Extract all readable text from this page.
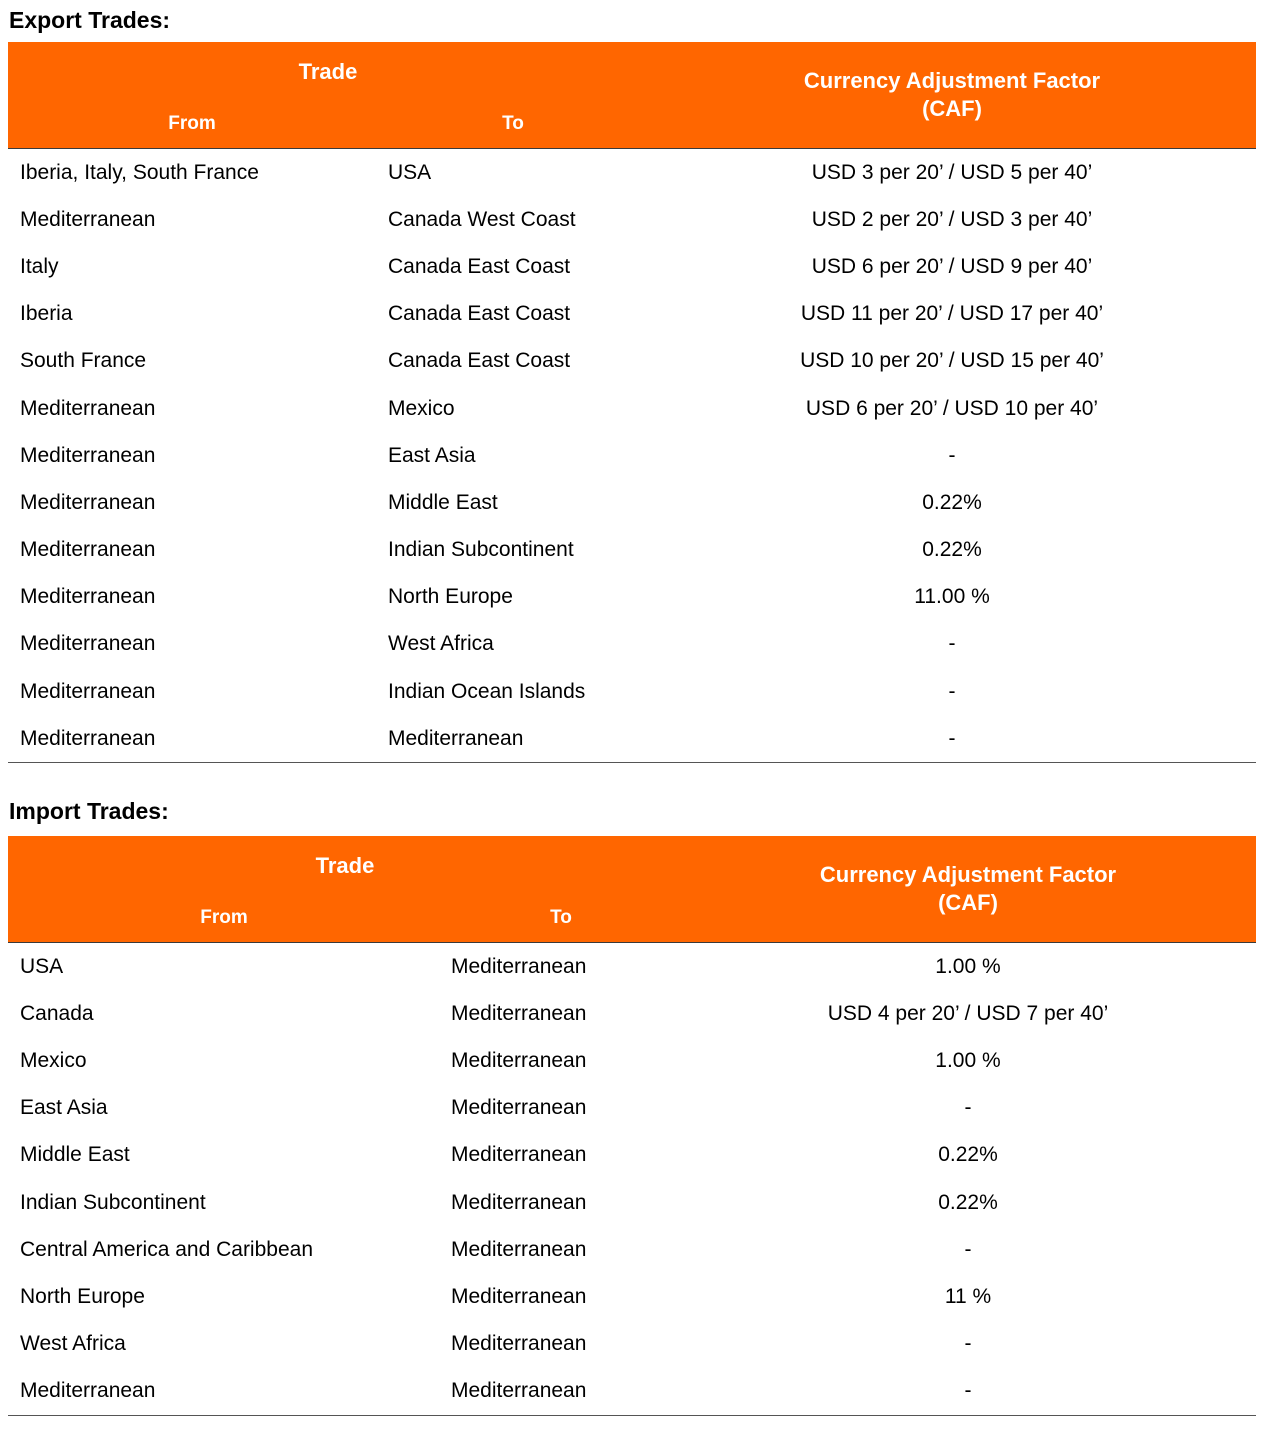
Export Trades:
Trade
From	To
Currency Adjustment Factor
(CAF)
Iberia, Italy, South France	USA	USD 3 per 20’ / USD 5 per 40’
Mediterranean	Canada West Coast	USD 2 per 20’ / USD 3 per 40’
Italy	Canada East Coast	USD 6 per 20’ / USD 9 per 40’
Iberia	Canada East Coast	USD 11 per 20’ / USD 17 per 40’
South France	Canada East Coast	USD 10 per 20’ / USD 15 per 40’
Mediterranean	Mexico	USD 6 per 20’ / USD 10 per 40’
Mediterranean	East Asia	-
Mediterranean	Middle East	0.22%
Mediterranean	Indian Subcontinent	0.22%
Mediterranean	North Europe	11.00 %
Mediterranean	West Africa	-
Mediterranean	Indian Ocean Islands	-
Mediterranean	Mediterranean	-
Import Trades:
Trade
From	To
Currency Adjustment Factor
(CAF)
USA	Mediterranean	1.00 %
Canada	Mediterranean	USD 4 per 20’ / USD 7 per 40’
Mexico	Mediterranean	1.00 %
East Asia	Mediterranean	-
Middle East	Mediterranean	0.22%
Indian Subcontinent	Mediterranean	0.22%
Central America and Caribbean	Mediterranean	-
North Europe	Mediterranean	11 %
West Africa	Mediterranean	-
Mediterranean	Mediterranean	-
